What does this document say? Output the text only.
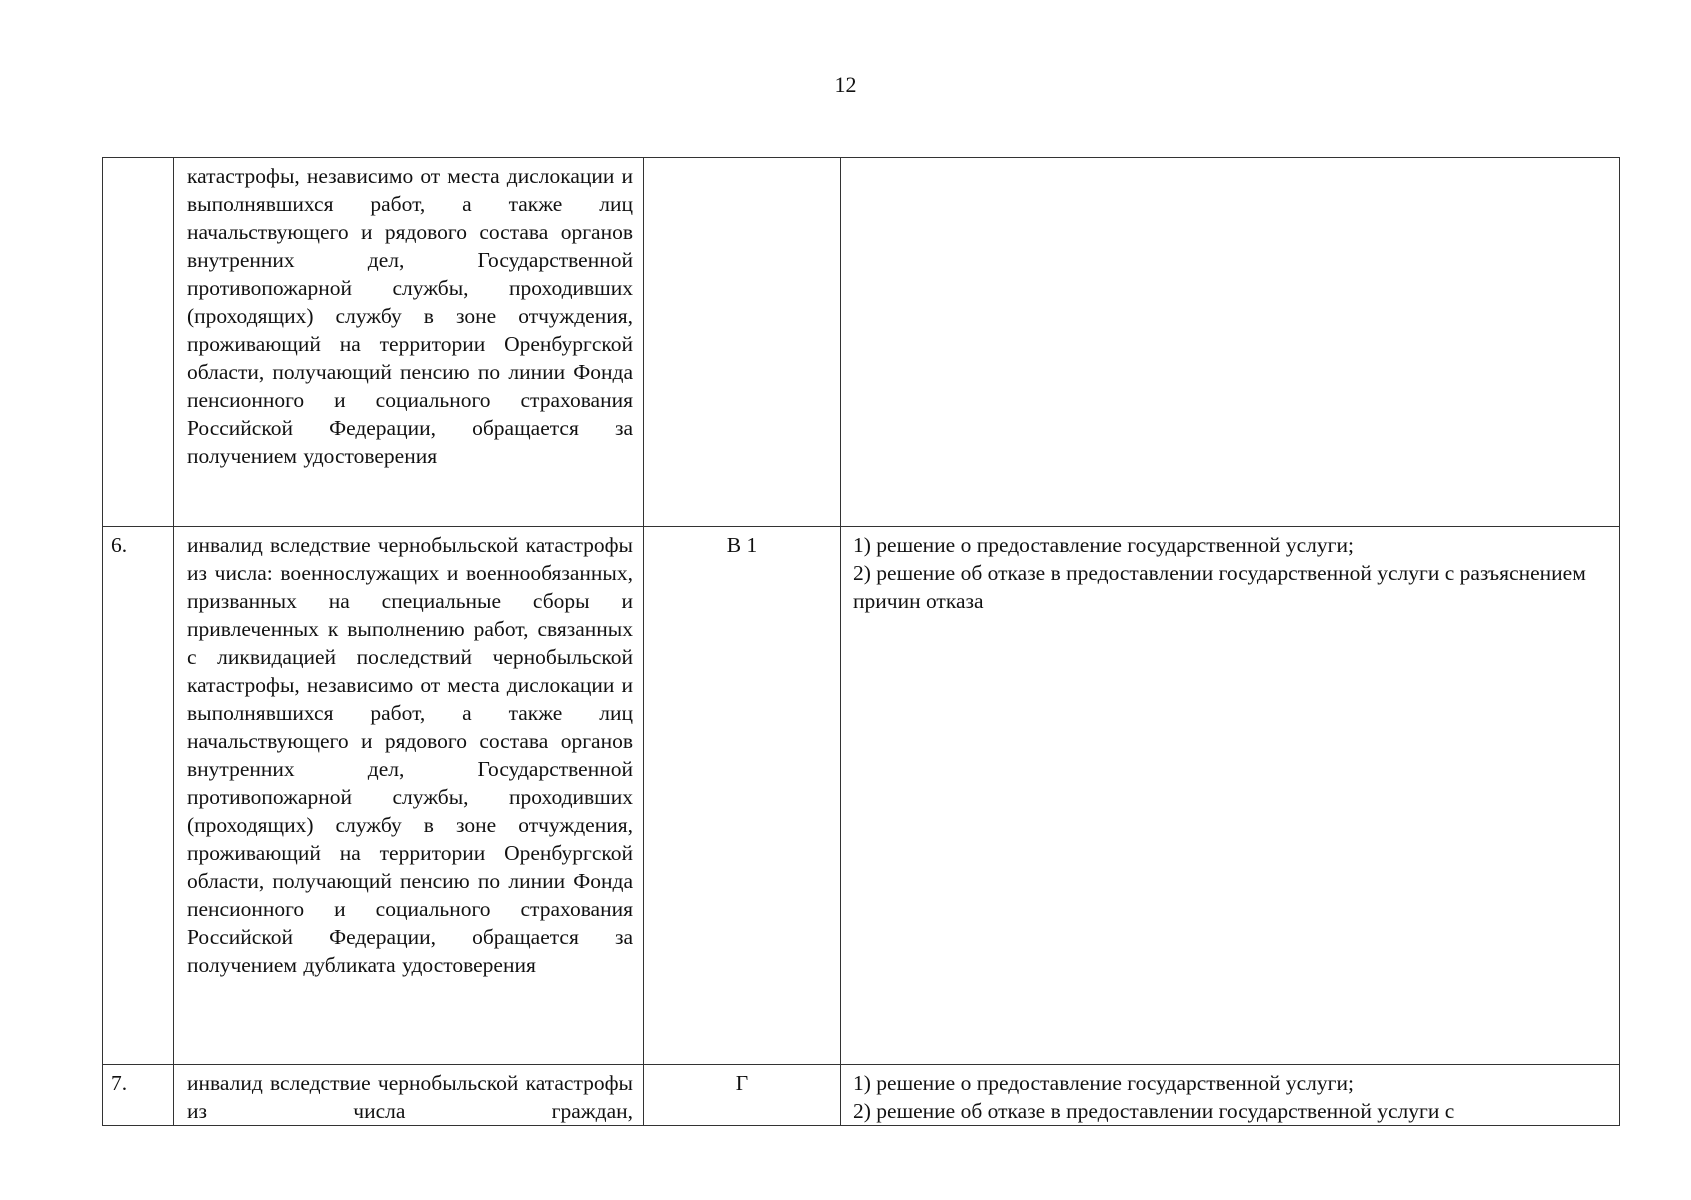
12

	катастрофы, независимо от места дислокации и выполнявшихся работ, а также лиц начальствующего и рядового состава органов внутренних дел, Государственной противопожарной службы, проходивших (проходящих) службу в зоне отчуждения, проживающий на территории Оренбургской области, получающий пенсию по линии Фонда пенсионного и социального страхования Российской Федерации, обращается за получением удостоверения		

6.	инвалид вследствие чернобыльской катастрофы из числа: военнослужащих и военнообязанных, призванных на специальные сборы и привлеченных к выполнению работ, связанных с ликвидацией последствий чернобыльской катастрофы, независимо от места дислокации и выполнявшихся работ, а также лиц начальствующего и рядового состава органов внутренних дел, Государственной противопожарной службы, проходивших (проходящих) службу в зоне отчуждения, проживающий на территории Оренбургской области, получающий пенсию по линии Фонда пенсионного и социального страхования Российской Федерации, обращается за получением дубликата удостоверения	В 1	1) решение о предоставление государственной услуги;
2) решение об отказе в предоставлении государственной услуги с разъяснением причин отказа

7.	инвалид вследствие чернобыльской катастрофы из числа граждан,	Г	1) решение о предоставление государственной услуги;
2) решение об отказе в предоставлении государственной услуги с
